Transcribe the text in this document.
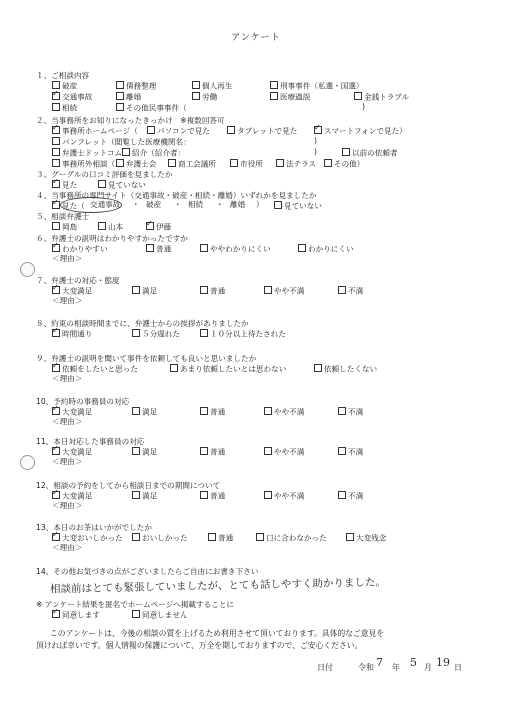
アンケート
１、ご相談内容
破産	債務整理	個人再生	刑事事件（私選・国選）
✓交通事故	離婚	労働	医療過誤	金銭トラブル
相続	その他民事事件（	)
２、当事務所をお知りになったきっかけ　※複数回答可
✓事務所ホームページ（	パソコンで見た	タブレットで見た ✓	スマートフォンで見た）
パンフレット（閲覧した医療機関名：	)
弁護士ドットコム	紹介（紹介者：	)	以前の依頼者
事務所外相談（	弁護士会	商工会議所	市役所	法テラス	その他）
３、グーグルの口コミ評価を見ましたか
✓見た	見ていない
４、当事務所の専門サイト（交通事故・破産・相続・離婚）いずれかを見ましたか
✓見た（ 交通事故 ・ 破産 ・ 相続 ・ 離婚 ）	見ていない
５、相談弁護士
岡島	山本 ✓	伊藤
６、弁護士の説明はわかりやすかったですか
✓わかりやすい	普通	ややわかりにくい	わかりにくい
＜理由＞
７、弁護士の対応・態度
✓大変満足	満足	普通	やや不満	不満
＜理由＞
８、約束の相談時間までに、弁護士からの挨拶がありましたか
✓時間通り	５分遅れた	１０分以上待たされた
９、弁護士の説明を聞いて事件を依頼しても良いと思いましたか
✓依頼をしたいと思った	あまり依頼したいとは思わない	依頼したくない
＜理由＞
10、予約時の事務員の対応
✓大変満足	満足	普通	やや不満	不満
＜理由＞
11、本日対応した事務員の対応
✓大変満足	満足	普通	やや不満	不満
＜理由＞
12、相談の予約をしてから相談日までの期間について
✓大変満足	満足	普通	やや不満	不満
＜理由＞
13、本日のお茶はいかがでしたか
✓大変おいしかった	おいしかった	普通	口に合わなかった	大変残念
＜理由＞
14、その他お気づきの点がございましたらご自由にお書き下さい
相談前はとても緊張していましたが、とても話しやすく助かりました。
※ アンケート結果を匿名でホームページへ掲載することに
✓同意します	同意しません
このアンケートは、今後の相談の質を上げるため利用させて頂いております。具体的なご意見を
頂ければ幸いです。個人情報の保護について、万全を期しておりますので、ご安心ください。
日付	令和 7 年 5 月 19 日
